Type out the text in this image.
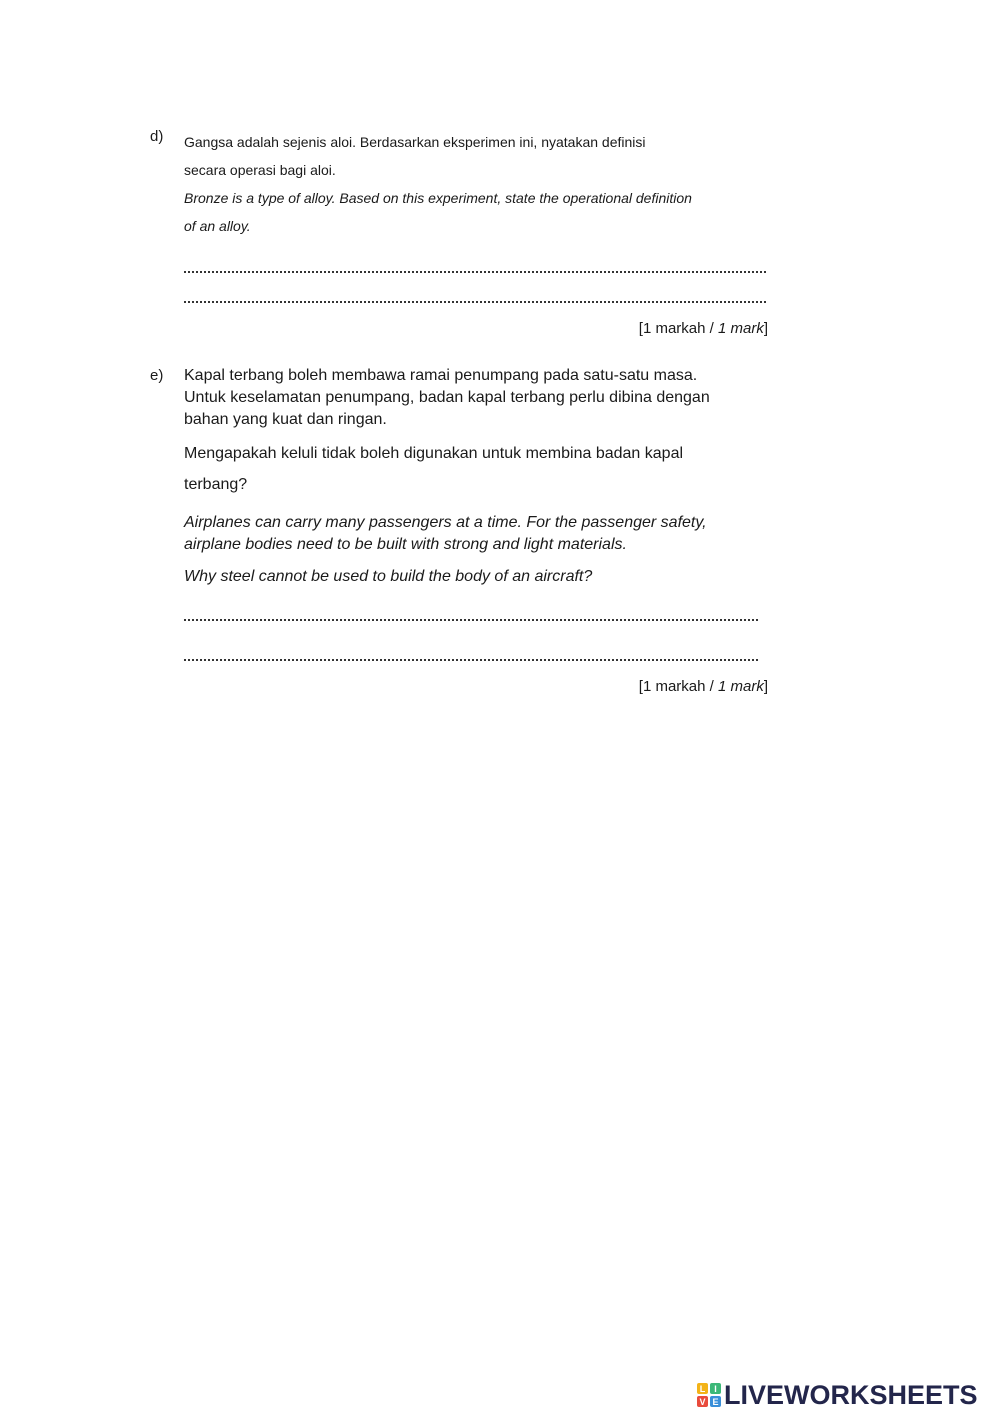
d) Gangsa adalah sejenis aloi. Berdasarkan eksperimen ini, nyatakan definisi
secara operasi bagi aloi.
Bronze is a type of alloy. Based on this experiment, state the operational definition
of an alloy.
[1 markah / 1 mark]
e) Kapal terbang boleh membawa ramai penumpang pada satu-satu masa.
Untuk keselamatan penumpang, badan kapal terbang perlu dibina dengan
bahan yang kuat dan ringan.
Mengapakah keluli tidak boleh digunakan untuk membina badan kapal
terbang?
Airplanes can carry many passengers at a time. For the passenger safety,
airplane bodies need to be built with strong and light materials.
Why steel cannot be used to build the body of an aircraft?
[1 markah / 1 mark]
L I
V E LIVEWORKSHEETS
